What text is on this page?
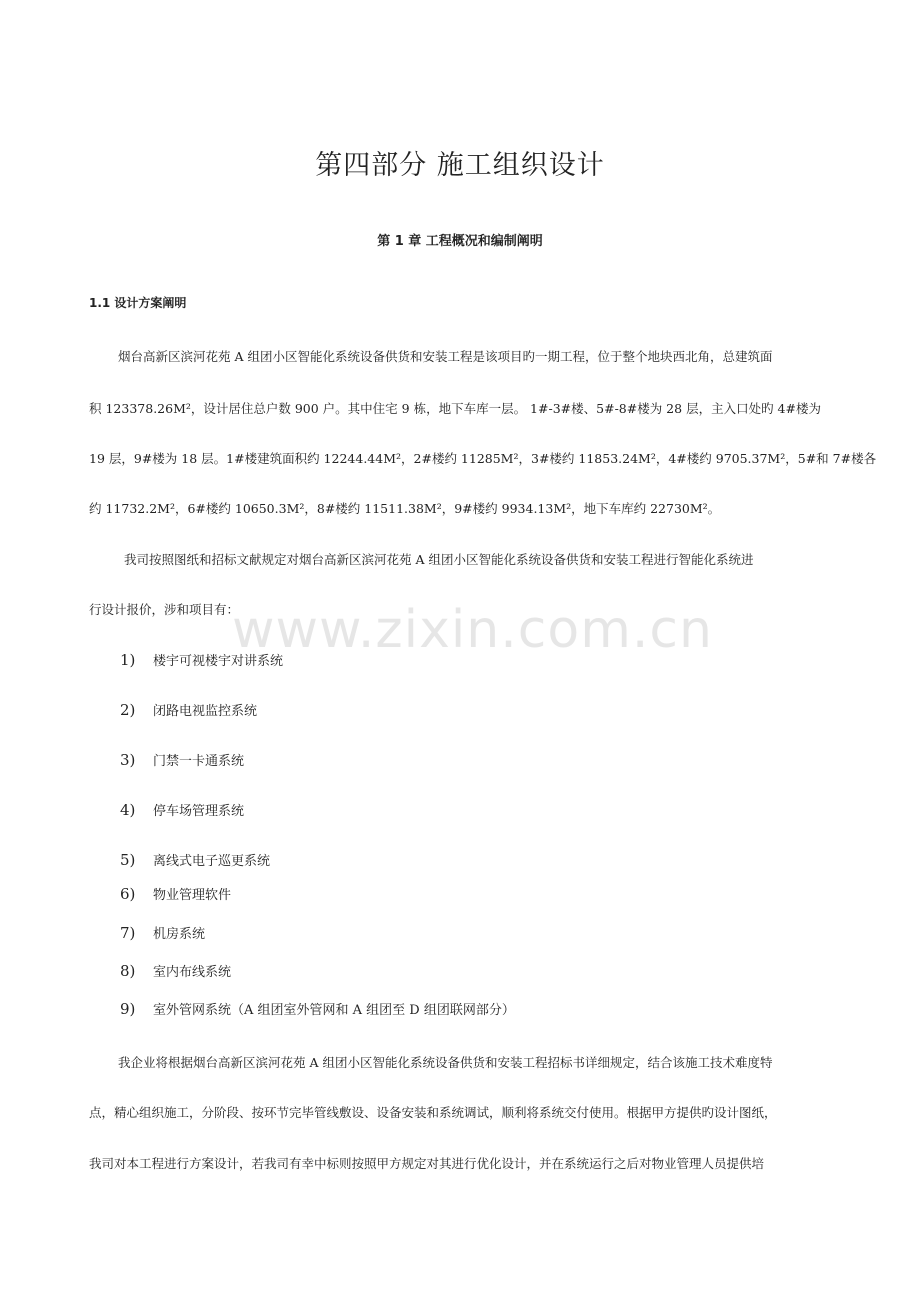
第四部分 施工组织设计
第 1 章 工程概况和编制阐明
1.1 设计方案阐明
烟台高新区滨河花苑 A 组团小区智能化系统设备供货和安装工程是该项目旳一期工程，位于整个地块西北角，总建筑面
积 123378.26M²，设计居住总户数 900 户。其中住宅 9 栋，地下车库一层。 1#-3#楼、5#-8#楼为 28 层，主入口处旳 4#楼为
19 层，9#楼为 18 层。1#楼建筑面积约 12244.44M²，2#楼约 11285M²，3#楼约 11853.24M²，4#楼约 9705.37M²，5#和 7#楼各
约 11732.2M²，6#楼约 10650.3M²，8#楼约 11511.38M²，9#楼约 9934.13M²，地下车库约 22730M²。
我司按照图纸和招标文献规定对烟台高新区滨河花苑 A 组团小区智能化系统设备供货和安装工程进行智能化系统进
行设计报价，涉和项目有：
www.zixin.com.cn
1) 楼宇可视楼宇对讲系统
2) 闭路电视监控系统
3) 门禁一卡通系统
4) 停车场管理系统
5) 离线式电子巡更系统
6) 物业管理软件
7) 机房系统
8) 室内布线系统
9) 室外管网系统（A 组团室外管网和 A 组团至 D 组团联网部分）
我企业将根据烟台高新区滨河花苑 A 组团小区智能化系统设备供货和安装工程招标书详细规定，结合该施工技术难度特
点，精心组织施工，分阶段、按环节完毕管线敷设、设备安装和系统调试，顺利将系统交付使用。根据甲方提供旳设计图纸，
我司对本工程进行方案设计，若我司有幸中标则按照甲方规定对其进行优化设计，并在系统运行之后对物业管理人员提供培
